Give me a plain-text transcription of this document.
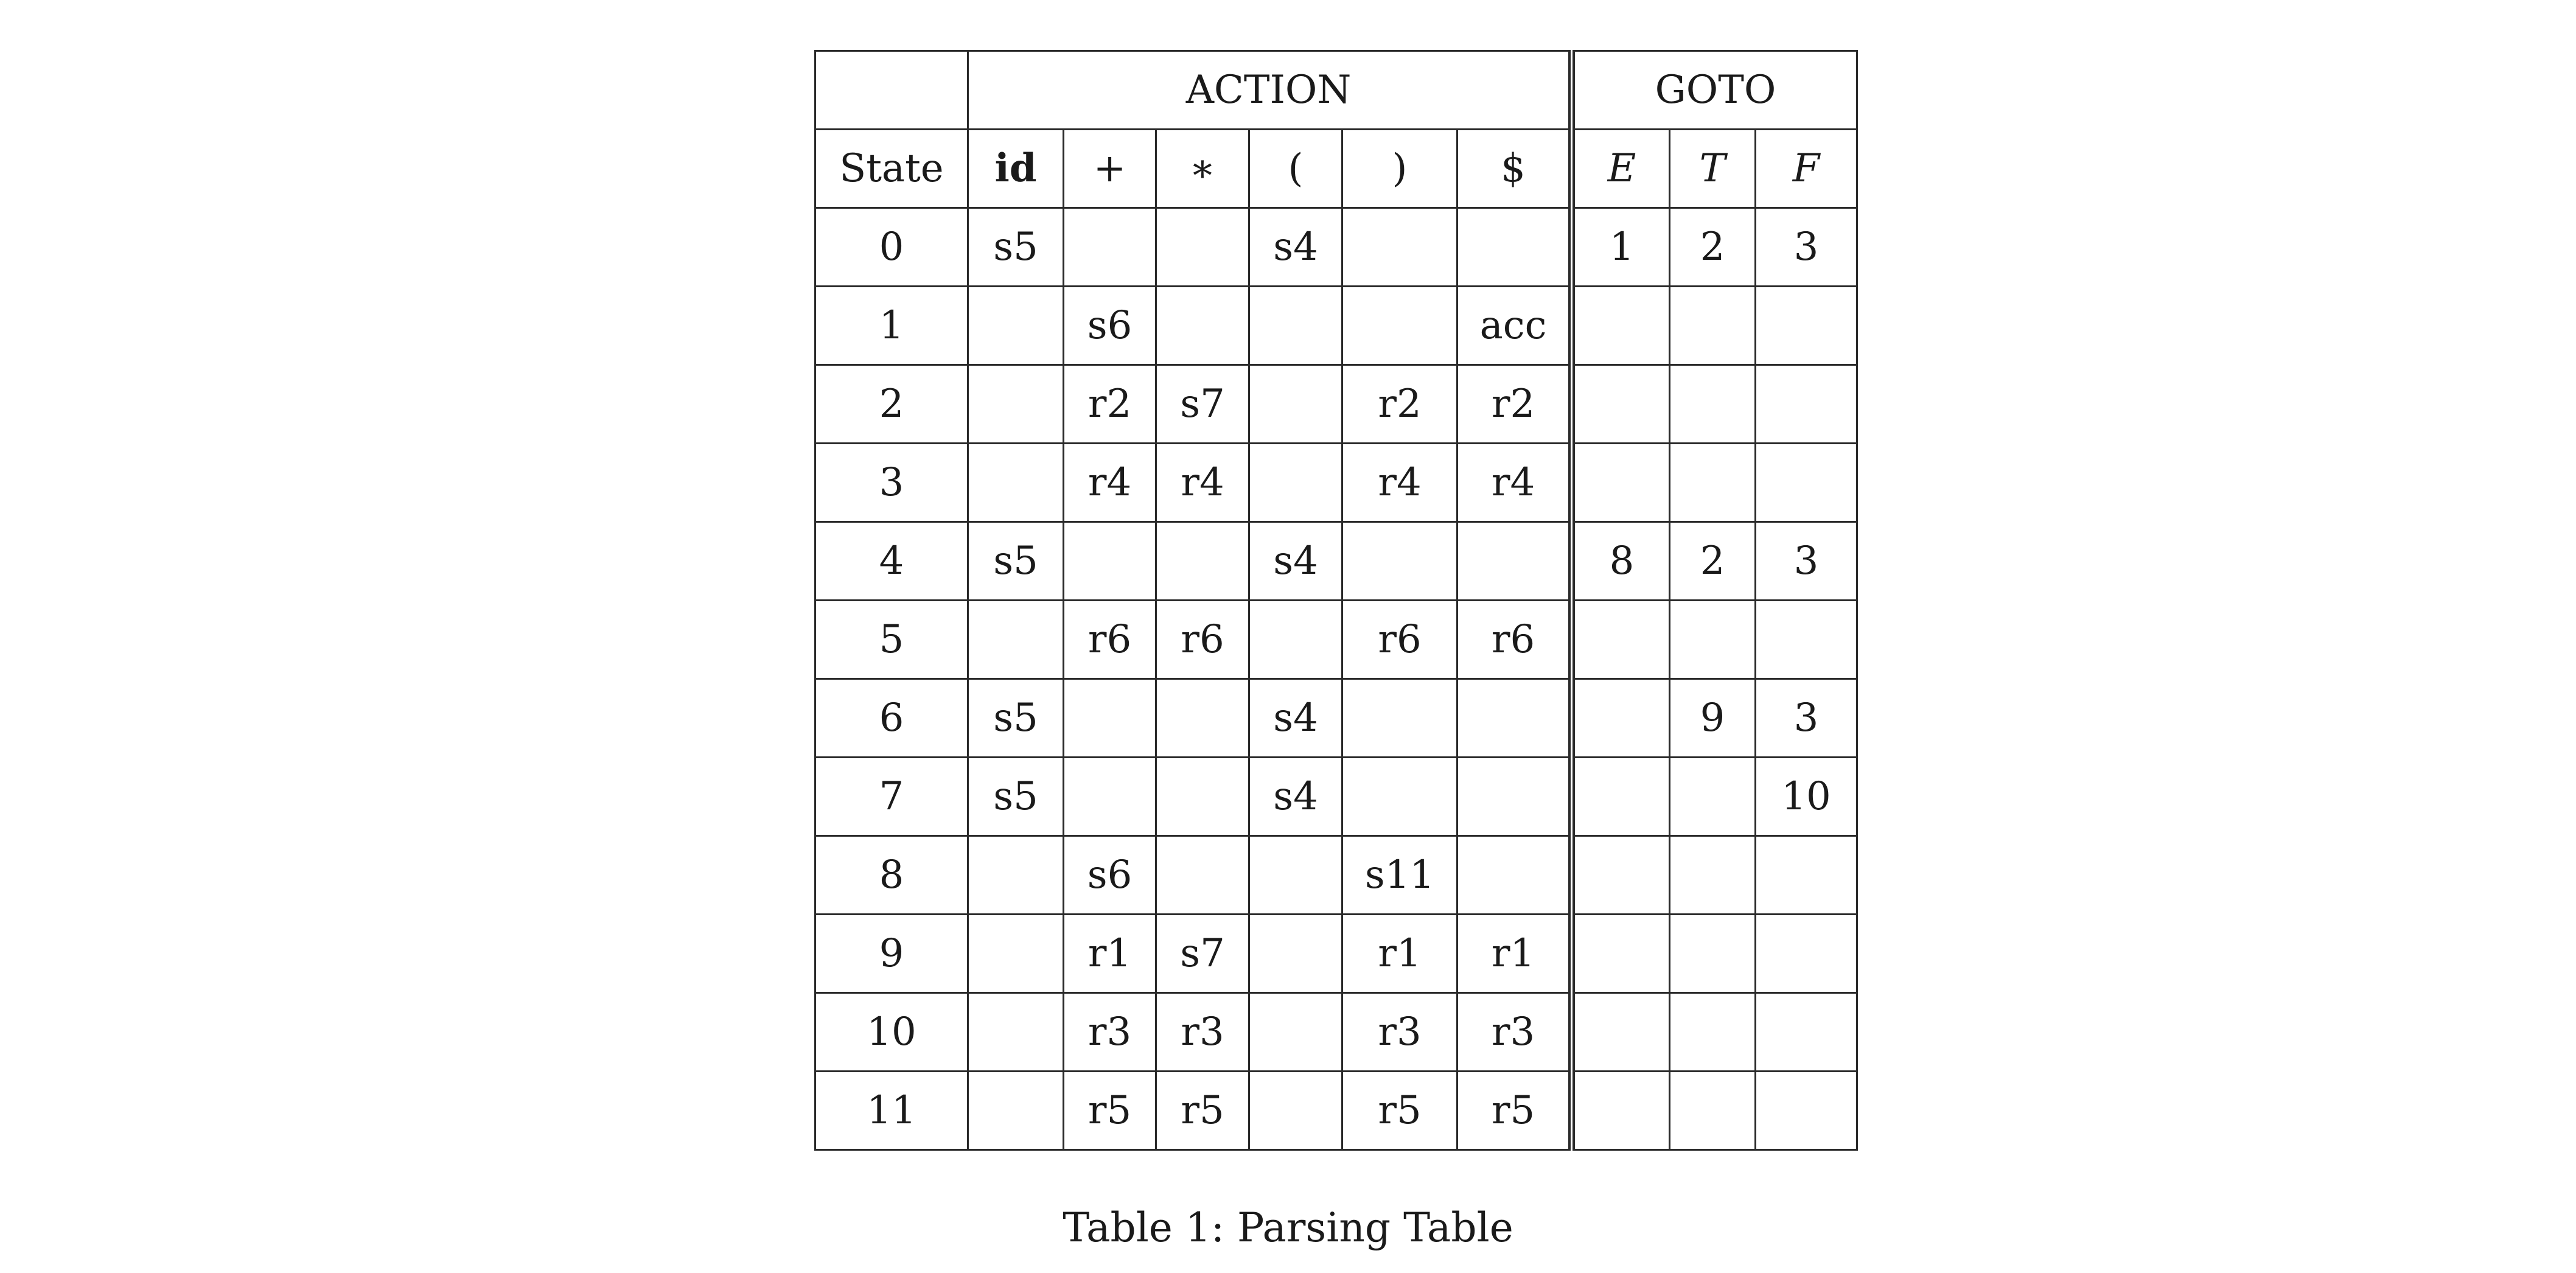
	ACTION						GOTO		
State	id	+	∗	(	)	$	E	T	F
0	s5			s4			1	2	3
1		s6				acc			
2		r2	s7		r2	r2			
3		r4	r4		r4	r4			
4	s5			s4			8	2	3
5		r6	r6		r6	r6			
6	s5			s4				9	3
7	s5			s4					10
8		s6			s11				
9		r1	s7		r1	r1			
10		r3	r3		r3	r3			
11		r5	r5		r5	r5			
Table 1: Parsing Table
